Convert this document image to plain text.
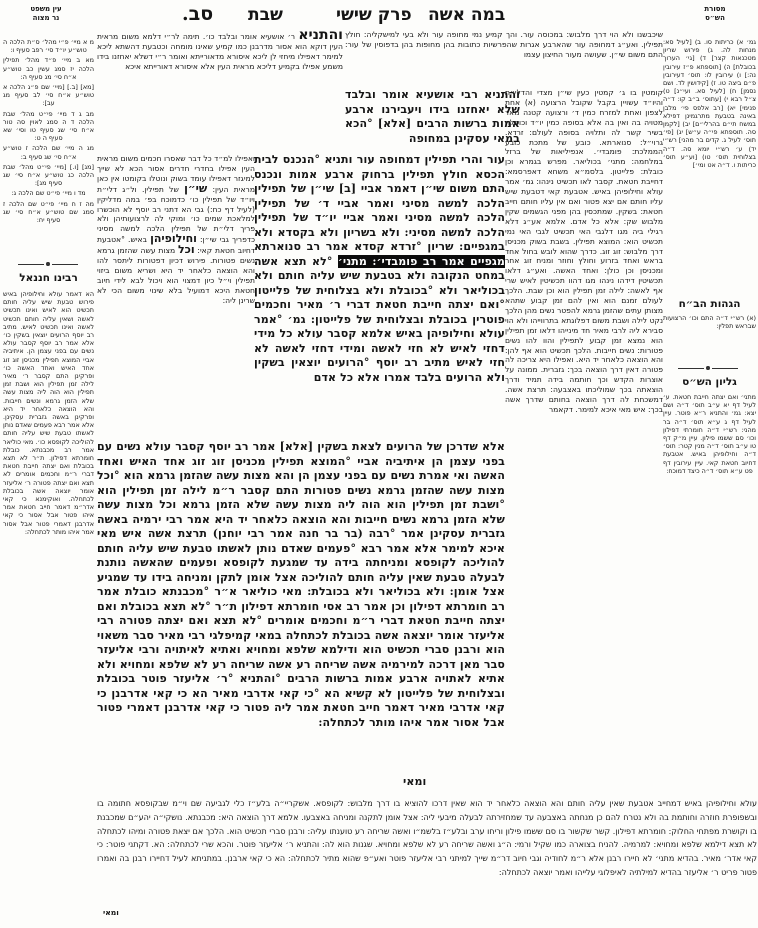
עין משפט
נר מצוה	סב. שבת	פרק שישי במה אשה	מסורת
הש״ס
מ א מיי׳ פ״י מהל׳ ס״ת הלכה ה טוש״ע יו״ד סי׳ רפב סעיף ו:
מא ב מיי׳ פ״ד מהל׳ תפילין הלכה יז סמג עשין כב טוש״ע א״ח סי׳ מג סעיף ה:
[מא] [ב.] [מיי׳ שם פ״ג הלכה א טוש״ע א״ח סי׳ לב סעיף מג עב]:
מב ג ד מיי׳ פי״ט מהל׳ שבת הלכה ד ה סמג לאוין סה טור א״ח סי׳ שג סעיף טו וסי׳ שא סעיף ה ט:
מג ה מיי׳ שם הלכה ז טוש״ע א״ח סי׳ שג סעיף ב:
[מג] [ו.] [מיי׳ פי״ט מהל׳ שבת הלכה כג טוש״ע א״ח סי׳ שג סעיף מג]:
מד ו מיי׳ פי״ט שם הלכה ג:
מה ז ח מיי׳ פי״ט שם הלכה ז סמג שם טוש״ע א״ח סי׳ שג סעיף יח:
רבינו חננאל
הא דאמר עולא וחילופיהן באיש פירוש טבעת שיש עליה חותם תכשיט הוא לאיש ואינו תכשיט לאשה ושאין עליה חותם תכשיט לאשה ואינו תכשיט לאיש. מתיב רב יוסף הרועים יוצאין בשקין כו׳ אלא אמר רב יוסף קסבר עולא נשים עם בפני עצמן הן. איתיביה אביי המוצא תפילין מכניסן זוג זוג אחד האיש ואחד האשה כו׳ ופרקינן התם קסבר ר׳ מאיר לילה זמן תפילין הוא ושבת זמן תפילין הוא הוה ליה מצות עשה שלא הזמן גרמא ונשים חייבות. והא הוצאה כלאחר יד היא ופרקינן באשה גזברית עסקינן. אלא אמר רבא פעמים שאדם נותן לאשתו טבעת שיש עליה חותם להוליכה לקופסא כו׳. מאי כוליאר אמר רב מכבנתא. כובלת חומרתא דפילון. ת״ר לא תצא בכובלת ואם יצתה חייבת חטאת דברי ר״מ וחכמים אומרים לא תצא ואם יצתה פטורה ר׳ אליעזר אומר יוצאה אשה בכובלת לכתחלה. ואוקימנא כי קאי אדר״מ דאמר חייב חטאת אמר איהו פטור אבל אסור כי קאי אדרבנן דאמרי פטור אבל אסור אמר איהו מותר לכתחלה:
והתניא ר׳ אושעיא אומר ובלבד כו׳. תימה לר״י דלמא משום מראית העין דוקא הוא אסור מדרבנן כמו קמיע שאינו מומחה וכטבעת דהשתא ליכא למימר דאפילו מיחזי לן ליכא איסורא מדאורייתא ואומר ר״י דשלא יאחזנו בידו משמע אפילו בקמיע דליכא מראית העין אלא איסורא דאורייתא איכא
ואפילו למ״ד כל דבר שאסרו חכמים משום מראית העין אפילו בחדרי חדרים אסור הכא לא שייך למיגזר דאפילו עומד בשוק ונוטלו בקומטו אין כאן מראית העין: שי״ן של תפילין. ול״ג דלי״ת ויו״ד של תפילין כו׳ כדמוכח בפ׳ במה מדליקין (לעיל דף כח:) גבי הא דתני רב יוסף לא הוכשרו למלאכת שמים כו׳ ומוקי לה לרצועותיהן ולא פריך דלי״ת של תפילין הלכה למשה מסיני כדפריך גבי שי״ן: וחילופיהן באיש. °אטבעת דחיוב חטאת קאי: וכל מצות עשה שהזמן גרמא נשים פטורות. פירוש דכיון דפטורות ליתסר להו והא הוצאה כלאחר יד היא ושריא משום ביזוי תפילין וי״ל כיון דמצוי הוא ויכול לבא לידי חיוב חטאת היכא דמועיל בלא שינוי משום הכי לא שרינן ליה:
שיכבשנו ולא הוי דרך מלבוש: במכוסה עור. והך קמיע נמי מחופה עור ולא בעי למישקליה: חולץ תפילין. ואע״ג דמחופה עור שהארבע אגרות שהפרשיות כתובות בהן מחופות בהן בדפוסין של עור: התם משום שי״ן. שעושה מעור החיצון עצמו
קומטין בו ג׳ קמטין כעין שי״ן מצדי והדלי״ת והיו״ד עשויין בקבל שקובל הרצועה (א) אחת לצפון ואחת למזרח כמין ד׳ ורצועה קטנה מאד מטויה בה ואין בה אלא בסופה כמין יו״ד וכופלה בשיר קשר לה ותלויה בסופה לעולם: זרדא. גרוי״ל: סנוארתא. כובע של מתכת כובע הממלכת: פומבדי׳. אנפיליאות של ברזל במלחמה: מתני׳ בכוליאר. מפרש בגמרא וכן כובלת: פלייטון. בלסמ״א משחא דאפרסמא: דחייבת חטאת. קסבר לאו תכשיט נינהו: גמ׳ אמר עולא וחילופיהן באיש. אטבעת קאי דטבעת שיש עליו חותם אם יצא פטור ואם אין עליו חותם חייב חטאת: בשקין. שמתכסין בהן מפני הגשמים שקין מלבוש שק: אלא כל אדם. אלמא אע״ג דלא רגילי ביה מגו דלגבי האי תכשיט לגבי האי נמי תכשיט הוא: המוצא תפילין. בשבת בשוק מכניסן דרך מלבוש: זוג זוג. כדרך שהוא לובש בחול אחד בראש ואחד בזרוע וחולץ וחוזר ומניח זוג אחר ומכניסן וכן כולן: ואחד האשה. ואע״ג דלאו תכשיטין דידהו נינהו מגו דהוו תכשיטין לאיש שרי אף לאשה: לילה זמן תפילין הוא וכן שבת. הלכך לעולם זמנם הוא ואין להם זמן קבוע שתהא מצותן עתים שהזמן גרמא להפטר נשים מהן הלכך נקט לילה ושבת משום דפלוגתא בתרווייהו ולא הוי סבירא ליה לרבי מאיר חד מינייהו דלאו זמן תפילין הוא נמצא זמן קבוע לתפילין והוו להו נשים פטורות: נשים חייבות. הלכך תכשיט הוא אף להן: והא הוצאה כלאחר יד היא. ואפילו היא צריכה לה פטורה דאין דרך הוצאה בכך: גזברית. ממונה על אוצרות הקדש וכך חותמה בידה תמיד ודרך הוצאתה בכך שמוליכתו באצבעה: תרצת אשה. דמשכחת לה דרך הוצאה בחותם שדרך אשה בכך: איש מאי איכא למימר. דקאמר
עולא וחילופיהן באיש דמחייב אטבעת שאין עליה חותם והא הוצאה כלאחר יד הוא שאין דרכו להוציא בו דרך מלבוש: לקופסא. אשקריי״ה בלע״ז כלי לגביעה שם וי״מ שבקופסא חתומה בו ובשפופרת חוזרה וחותמת בה ולא נטרח להם כן מנחתה באצבעה עד שמחזירתה לבעלה מיבעי ליה: אצל אומן לתקנה ומניחה באצבעו. אלמא דרך הוצאה היא: מכבנתא. נושקי״ה יהע״ם שמכבנת בו וקושרת מפתחי החלוק: חומרתא דפילון. קשר שקשור בו סם ששמו פילון וריחו ערב ובלע״ז בלשמ״ו ואשה שריחה רע טוענתו עליה: ורבנן סברי תכשיט הוא. הלכך אם יצאת פטורה ומיהו לכתחלה לא תצא דילמא שלפא ומחויא: למרמיה. להניח בצוארה כמו שקיל ורמי: ה״ג ואשה שריחה רע לא שלפא ומחויא. שגנות הוא לה: והתניא ר׳ אליעזר פוטר. והכא שרי לכתחלה: הא. דקתני פוטר: כי קאי אדר׳ מאיר. בהדיא מתני׳ לא חיירו רבנן אלא ר״מ לחודיה וגבי חיוב דר״מ שייך למיתני רבי אליעזר פוטר ואע״פ שהוא מתיר לכתחלה: הא כי קאי ארבנן. במתניתא לעיל דחיירו רבנן בה ואמרו פטור פריט ר׳ אליעזר בהדיא למילתיה לאיפלוגי עלייהו ואמר יוצאה לכתחלה:
ומאי
והתניא רבי אושעיא אומר ובלבד שלא יאחזנו בידו ויעבירנו ארבע אמות ברשות הרבים [אלא] °הכא במאי עסקינן במחופה
עור והרי תפילין דמחופה עור ותניא °הנכנס לבית הכסא חולץ תפילין ברחוק ארבע אמות ונכנס התם משום שי״ן דאמר אביי [ב] שי״ן של תפילין הלכה למשה מסיני ואמר אביי ד׳ של תפילין הלכה למשה מסיני ואמר אביי יו״ד של תפילין הלכה למשה מסיני: ולא בשריון ולא בקסדא ולא במגפיים: שריון °זרדא קסדא אמר רב סנוארתא מגפיים אמר רב פומבדי׳: מתני׳ °לא תצא אשה במחט הנקובה ולא בטבעת שיש עליה חותם ולא בכוליאר ולא °בכובלת ולא בצלוחית של פלייטון °ואם יצתה חייבת חטאת דברי ר׳ מאיר וחכמים פוטרין בכובלת ובצלוחית של פלייטון: גמ׳ °אמר עולא וחילופיהן באיש אלמא קסבר עולא כל מידי דחזי לאיש לא חזי לאשה ומידי דחזי לאשה לא חזי לאיש מתיב רב יוסף °הרועים יוצאין בשקין ולא הרועים בלבד אמרו אלא כל אדם
אלא שדרכן של הרועים לצאת בשקין [אלא] אמר רב יוסף קסבר עולא נשים עם בפני עצמן הן איתיביה אביי °המוצא תפילין מכניסן זוג זוג אחד האיש ואחד האשה ואי אמרת נשים עם בפני עצמן הן והא מצות עשה שהזמן גרמא הוא °וכל מצות עשה שהזמן גרמא נשים פטורות התם קסבר ר״מ לילה זמן תפילין הוא °ושבת זמן תפילין הוא הוה ליה מצות עשה שלא הזמן גרמא וכל מצות עשה שלא הזמן גרמא נשים חייבות והא הוצאה כלאחר יד היא אמר רבי ירמיה באשה גזברית עסקינן אמר °רבה (בר בר חנה אמר רבי יוחנן) תרצת אשה איש מאי איכא למימר אלא אמר רבא °פעמים שאדם נותן לאשתו טבעת שיש עליה חותם להוליכה לקופסא ומניחתה בידה עד שמגעת לקופסא ופעמים שהאשה נותנת לבעלה טבעת שאין עליה חותם להוליכה אצל אומן לתקן ומניחה בידו עד שמגיע אצל אומן: ולא בכוליאר ולא בכובלת: מאי כוליאר א״ר °מכבנתא כובלת אמר רב חומרתא דפילון וכן אמר רב אסי חומרתא דפילון ת״ר °לא תצא בכובלת ואם יצתה חייבת חטאת דברי ר״מ וחכמים אומרים °לא תצא ואם יצתה פטורה רבי אליעזר אומר יוצאה אשה בכובלת לכתחלה במאי קמיפלגי רבי מאיר סבר משאוי הוא ורבנן סברי תכשיט הוא ודילמא שלפא ומחויא ואתיא לאיתויה ורבי אליעזר סבר מאן דרכה למירמיה אשה שריחה רע אשה שריחה רע לא שלפא ומחויא ולא אתיא לאתויה ארבע אמות ברשות הרבים °והתניא °ר׳ אליעזר פוטר בכובלת ובצלוחית של פלייטון לא קשיא הא °כי קאי אדרבי מאיר הא כי קאי אדרבנן כי קאי אדרבי מאיר דאמר חייב חטאת אמר ליה פטור כי קאי אדרבנן דאמרי פטור אבל אסור אמר איהו מותר לכתחלה:
ומאי
גמ׳ א) כריתות סו. ב) [לעיל סא: מנחות לה. ג) פירוש שריון מטכנאות קצר] ד) [גי׳ הערוך בכובלת] ה) [תוספתא פ״ז עירובין נה:] ו) עירובין לו: תוס׳ דעירובין פ״ם ביצה טו. ז) [קידושין לד. ושם נסמן] ח) [לעיל סא. ועי״נ] ט) צ״ל רבא י) [עתוס׳ ב״ב קו: ד״ה פנימי] יא) [רב אלפס פי׳ מלבן באינה בטבעת מתרגמינן דפילא במשח תי״ם בהרלי״ם] יב) [לקמן סה. תוספתא פי״ה ע״ש] יג) [פי׳ תוס׳ לעיל ג. קדים בר מהני] רש״י יד) ע׳ רש״י יומא סה. ד״ה בצלוחית תוס׳ טו) [וע״ע תוס׳ כריתות ו. ד״ה אט ומי׳]
הגהות הב״ח
(א) רש״י ד״ה התם וכו׳ הרצועות שבראש תפלין:
גליון הש״ס
מתני׳ ואם יצתה חייבת חטאת. ע׳ לעיל דף יא ע״ב תוס׳ ד״ה ושם יצא: גמ׳ והתניא ר״א פוטר. עיין לעיל דף ג ע״א תוס׳ ד״ה בר מהני: רש״י ד״ה חומרתי דפילון וכו׳ סם ששמו פילון. עיין מ״ק דף טו ע״ב תוס׳ ד״ה מנין קטר: תוס׳ ד״ה וחילופיהן באיש. אטבעת דחיוב חטאת קאי. עיין עירובין דף פט ע״א תוס׳ ד״ה כיצד דמוכח:
